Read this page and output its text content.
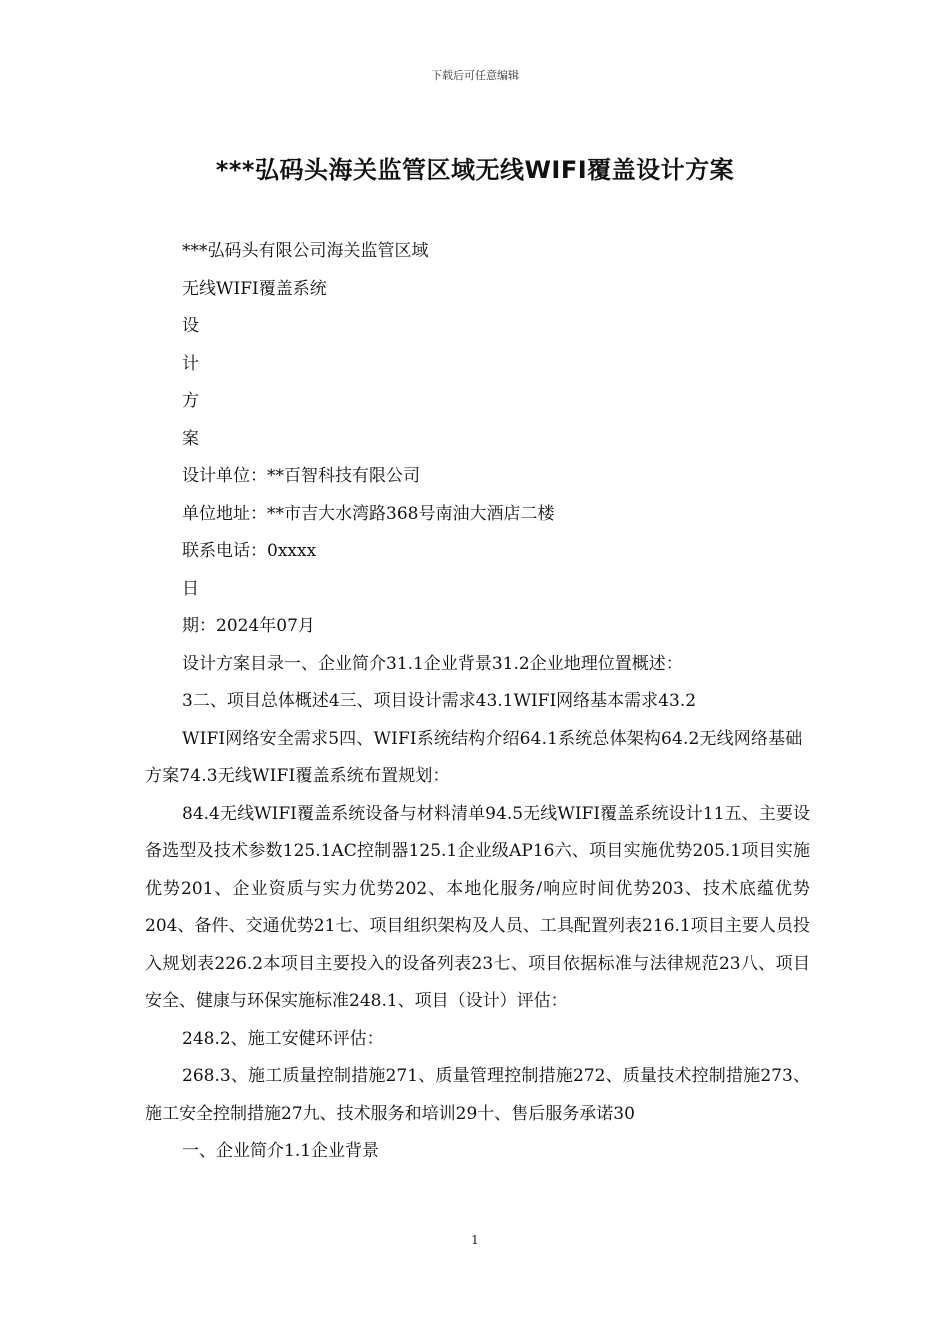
下载后可任意编辑
***弘码头海关监管区域无线WIFI覆盖设计方案
***弘码头有限公司海关监管区域
无线WIFI覆盖系统
设
计
方
案
设计单位：**百智科技有限公司
单位地址：**市吉大水湾路368号南油大酒店二楼
联系电话：0xxxx
日
期：2024年07月
设计方案目录一、企业简介31.1企业背景31.2企业地理位置概述：
3二、项目总体概述4三、项目设计需求43.1WIFI网络基本需求43.2
WIFI网络安全需求5四、WIFI系统结构介绍64.1系统总体架构64.2无线网络基础方案74.3无线WIFI覆盖系统布置规划：
84.4无线WIFI覆盖系统设备与材料清单94.5无线WIFI覆盖系统设计11五、主要设备选型及技术参数125.1AC控制器125.1企业级AP16六、项目实施优势205.1项目实施优势201、企业资质与实力优势202、本地化服务/响应时间优势203、技术底蕴优势204、备件、交通优势21七、项目组织架构及人员、工具配置列表216.1项目主要人员投入规划表226.2本项目主要投入的设备列表23七、项目依据标准与法律规范23八、项目安全、健康与环保实施标准248.1、项目（设计）评估：
248.2、施工安健环评估：
268.3、施工质量控制措施271、质量管理控制措施272、质量技术控制措施273、施工安全控制措施27九、技术服务和培训29十、售后服务承诺30
一、企业简介1.1企业背景
1
